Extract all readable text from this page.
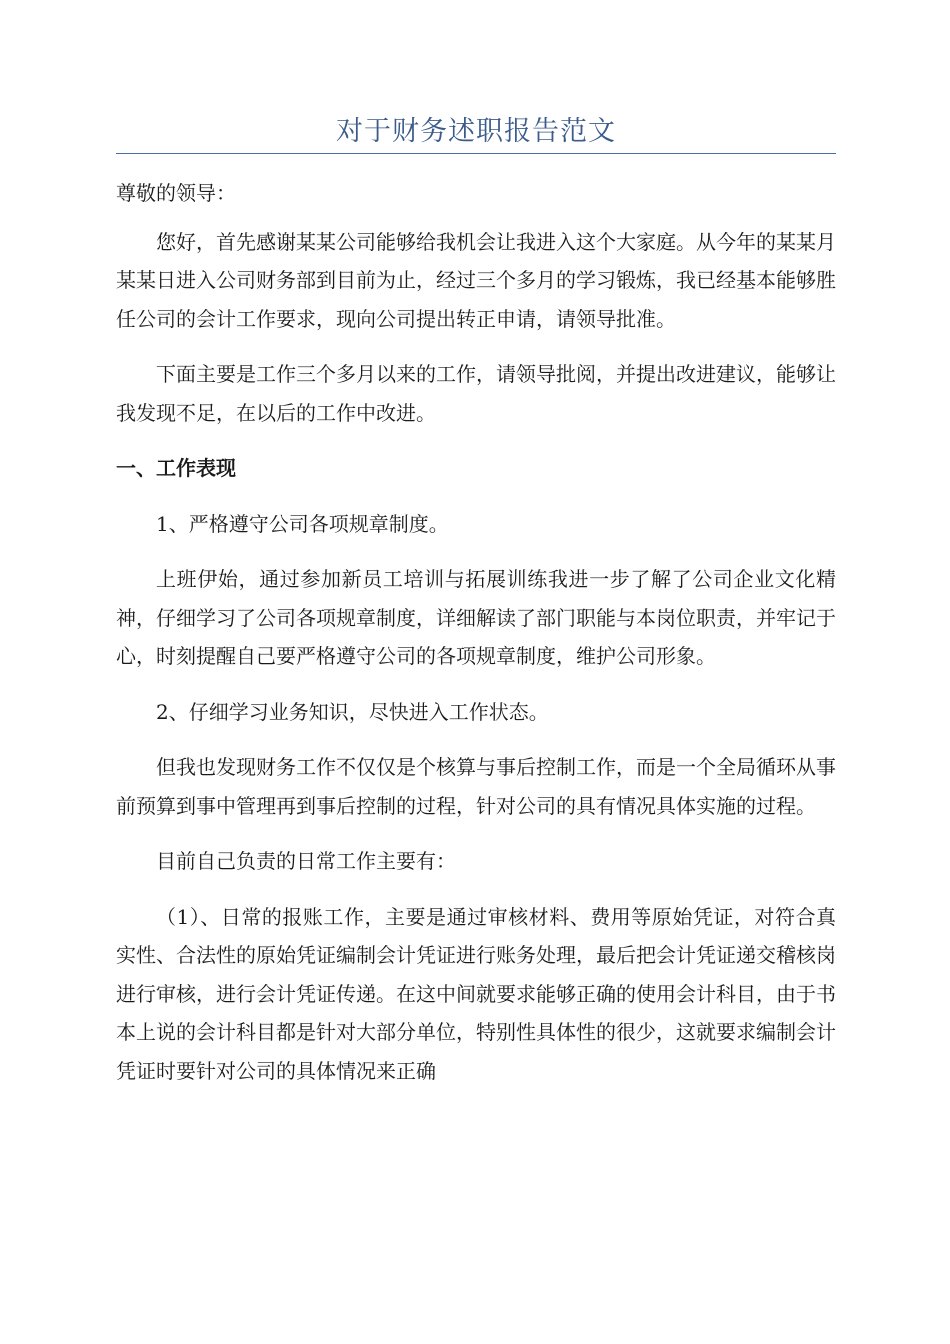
对于财务述职报告范文

尊敬的领导：

您好，首先感谢某某公司能够给我机会让我进入这个大家庭。从今年的某某月某某日进入公司财务部到目前为止，经过三个多月的学习锻炼，我已经基本能够胜任公司的会计工作要求，现向公司提出转正申请，请领导批准。

下面主要是工作三个多月以来的工作，请领导批阅，并提出改进建议，能够让我发现不足，在以后的工作中改进。

一、工作表现

1、严格遵守公司各项规章制度。

上班伊始，通过参加新员工培训与拓展训练我进一步了解了公司企业文化精神，仔细学习了公司各项规章制度，详细解读了部门职能与本岗位职责，并牢记于心，时刻提醒自己要严格遵守公司的各项规章制度，维护公司形象。

2、仔细学习业务知识，尽快进入工作状态。

但我也发现财务工作不仅仅是个核算与事后控制工作，而是一个全局循环从事前预算到事中管理再到事后控制的过程，针对公司的具有情况具体实施的过程。

目前自己负责的日常工作主要有：

（1）、日常的报账工作，主要是通过审核材料、费用等原始凭证，对符合真实性、合法性的原始凭证编制会计凭证进行账务处理，最后把会计凭证递交稽核岗进行审核，进行会计凭证传递。在这中间就要求能够正确的使用会计科目，由于书本上说的会计科目都是针对大部分单位，特别性具体性的很少，这就要求编制会计凭证时要针对公司的具体情况来正确
